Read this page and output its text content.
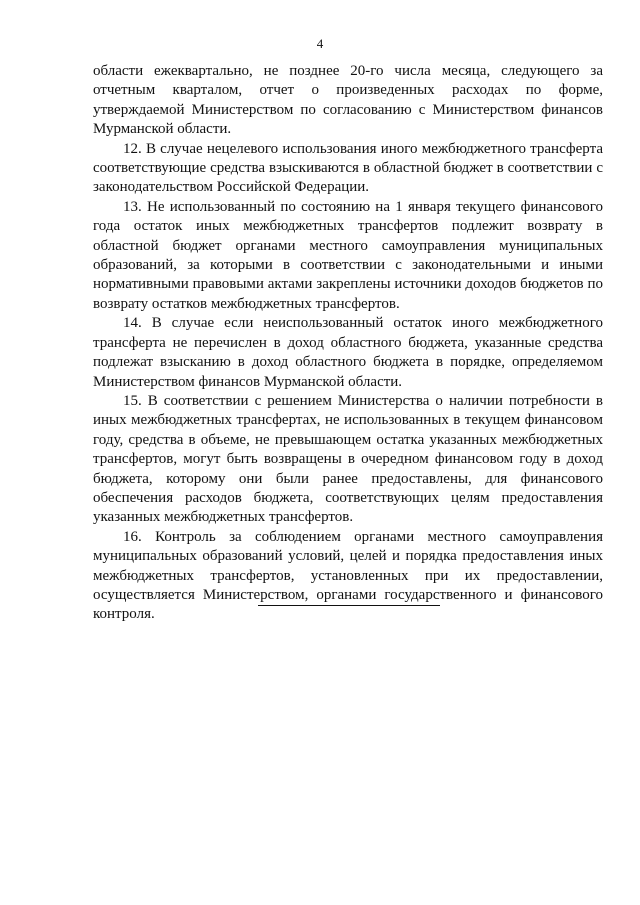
4

области ежеквартально, не позднее 20-го числа месяца, следующего за отчетным кварталом, отчет о произведенных расходах по форме, утверждаемой Министерством по согласованию с Министерством финансов Мурманской области.

12. В случае нецелевого использования иного межбюджетного трансферта соответствующие средства взыскиваются в областной бюджет в соответствии с законодательством Российской Федерации.

13. Не использованный по состоянию на 1 января текущего финансового года остаток иных межбюджетных трансфертов подлежит возврату в областной бюджет органами местного самоуправления муниципальных образований, за которыми в соответствии с законодательными и иными нормативными правовыми актами закреплены источники доходов бюджетов по возврату остатков межбюджетных трансфертов.

14. В случае если неиспользованный остаток иного межбюджетного трансферта не перечислен в доход областного бюджета, указанные средства подлежат взысканию в доход областного бюджета в порядке, определяемом Министерством финансов Мурманской области.

15. В соответствии с решением Министерства о наличии потребности в иных межбюджетных трансфертах, не использованных в текущем финансовом году, средства в объеме, не превышающем остатка указанных межбюджетных трансфертов, могут быть возвращены в очередном финансовом году в доход бюджета, которому они были ранее предоставлены, для финансового обеспечения расходов бюджета, соответствующих целям предоставления указанных межбюджетных трансфертов.

16. Контроль за соблюдением органами местного самоуправления муниципальных образований условий, целей и порядка предоставления иных межбюджетных трансфертов, установленных при их предоставлении, осуществляется Министерством, органами государственного и финансового контроля.
